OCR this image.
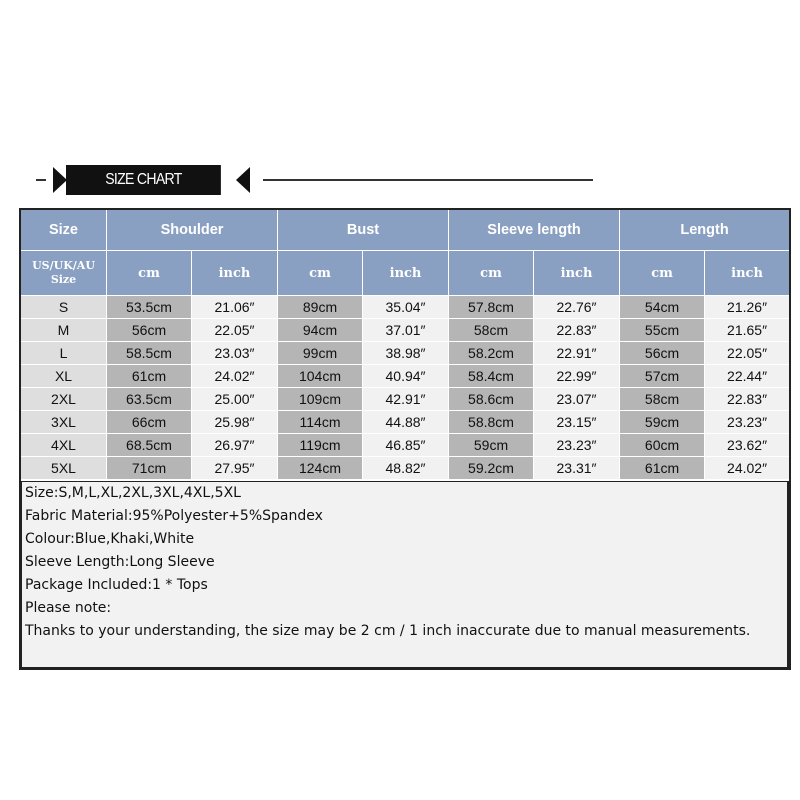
SIZE CHART
Size	Shoulder		Bust		Sleeve length		Length	

US/UK/AU
Size	cm	inch	cm	inch	cm	inch	cm	inch
S	53.5cm	21.06″	89cm	35.04″	57.8cm	22.76″	54cm	21.26″
M	56cm	22.05″	94cm	37.01″	58cm	22.83″	55cm	21.65″
L	58.5cm	23.03″	99cm	38.98″	58.2cm	22.91″	56cm	22.05″
XL	61cm	24.02″	104cm	40.94″	58.4cm	22.99″	57cm	22.44″
2XL	63.5cm	25.00″	109cm	42.91″	58.6cm	23.07″	58cm	22.83″
3XL	66cm	25.98″	114cm	44.88″	58.8cm	23.15″	59cm	23.23″
4XL	68.5cm	26.97″	119cm	46.85″	59cm	23.23″	60cm	23.62″
5XL	71cm	27.95″	124cm	48.82″	59.2cm	23.31″	61cm	24.02″
Size:S,M,L,XL,2XL,3XL,4XL,5XL
Fabric Material:95%Polyester+5%Spandex
Colour:Blue,Khaki,White
Sleeve Length:Long Sleeve
Package Included:1 * Tops
Please note:
Thanks to your understanding, the size may be 2 cm / 1 inch inaccurate due to manual measurements.
